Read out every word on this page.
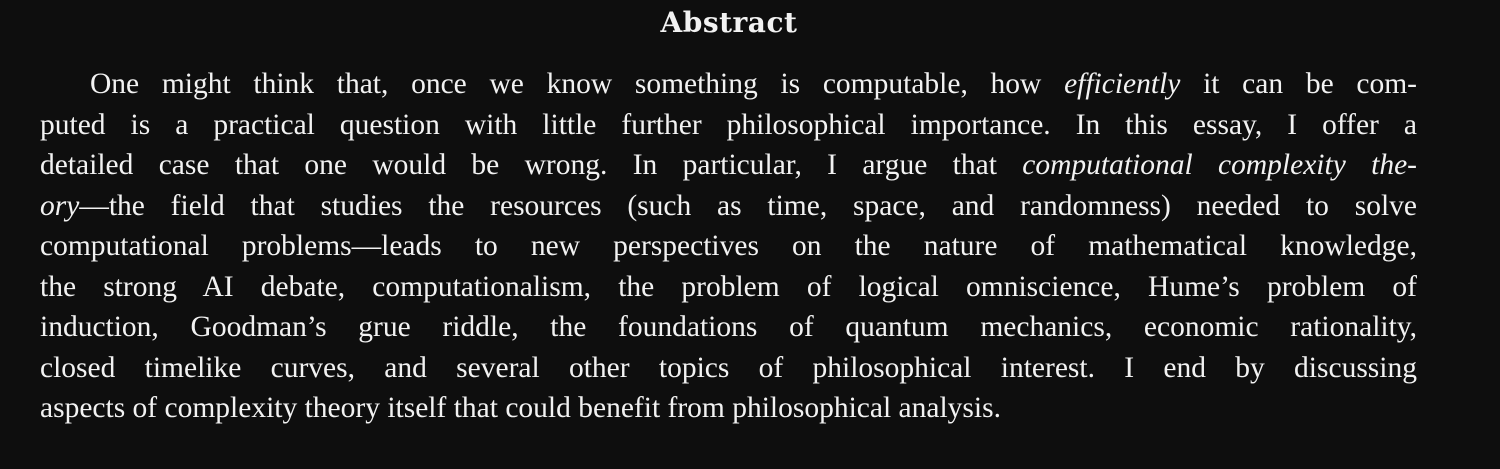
Abstract
One might think that, once we know something is computable, how efficiently it can be com-
puted is a practical question with little further philosophical importance. In this essay, I offer a
detailed case that one would be wrong. In particular, I argue that computational complexity the-
ory—the field that studies the resources (such as time, space, and randomness) needed to solve
computational problems—leads to new perspectives on the nature of mathematical knowledge,
the strong AI debate, computationalism, the problem of logical omniscience, Hume’s problem of
induction, Goodman’s grue riddle, the foundations of quantum mechanics, economic rationality,
closed timelike curves, and several other topics of philosophical interest. I end by discussing
aspects of complexity theory itself that could benefit from philosophical analysis.
